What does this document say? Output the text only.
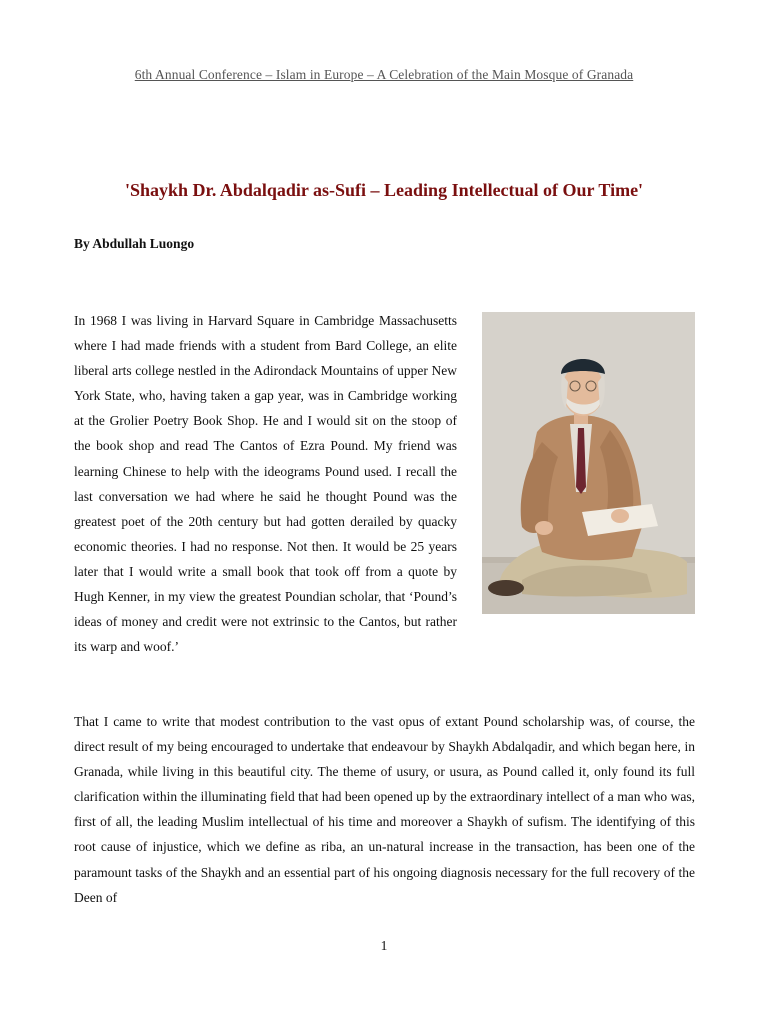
6th Annual Conference – Islam in Europe – A Celebration of the Main Mosque of Granada
'Shaykh Dr. Abdalqadir as-Sufi – Leading Intellectual of Our Time'
By Abdullah Luongo
In 1968 I was living in Harvard Square in Cambridge Massachusetts where I had made friends with a student from Bard College, an elite liberal arts college nestled in the Adirondack Mountains of upper New York State, who, having taken a gap year, was in Cambridge working at the Grolier Poetry Book Shop. He and I would sit on the stoop of the book shop and read The Cantos of Ezra Pound. My friend was learning Chinese to help with the ideograms Pound used. I recall the last conversation we had where he said he thought Pound was the greatest poet of the 20th century but had gotten derailed by quacky economic theories. I had no response. Not then. It would be 25 years later that I would write a small book that took off from a quote by Hugh Kenner, in my view the greatest Poundian scholar, that ‘Pound’s ideas of money and credit were not extrinsic to the Cantos, but rather its warp and woof.’
That I came to write that modest contribution to the vast opus of extant Pound scholarship was, of course, the direct result of my being encouraged to undertake that endeavour by Shaykh Abdalqadir, and which began here, in Granada, while living in this beautiful city. The theme of usury, or usura, as Pound called it, only found its full clarification within the illuminating field that had been opened up by the extraordinary intellect of a man who was, first of all, the leading Muslim intellectual of his time and moreover a Shaykh of sufism. The identifying of this root cause of injustice, which we define as riba, an un-natural increase in the transaction, has been one of the paramount tasks of the Shaykh and an essential part of his ongoing diagnosis necessary for the full recovery of the Deen of
1
